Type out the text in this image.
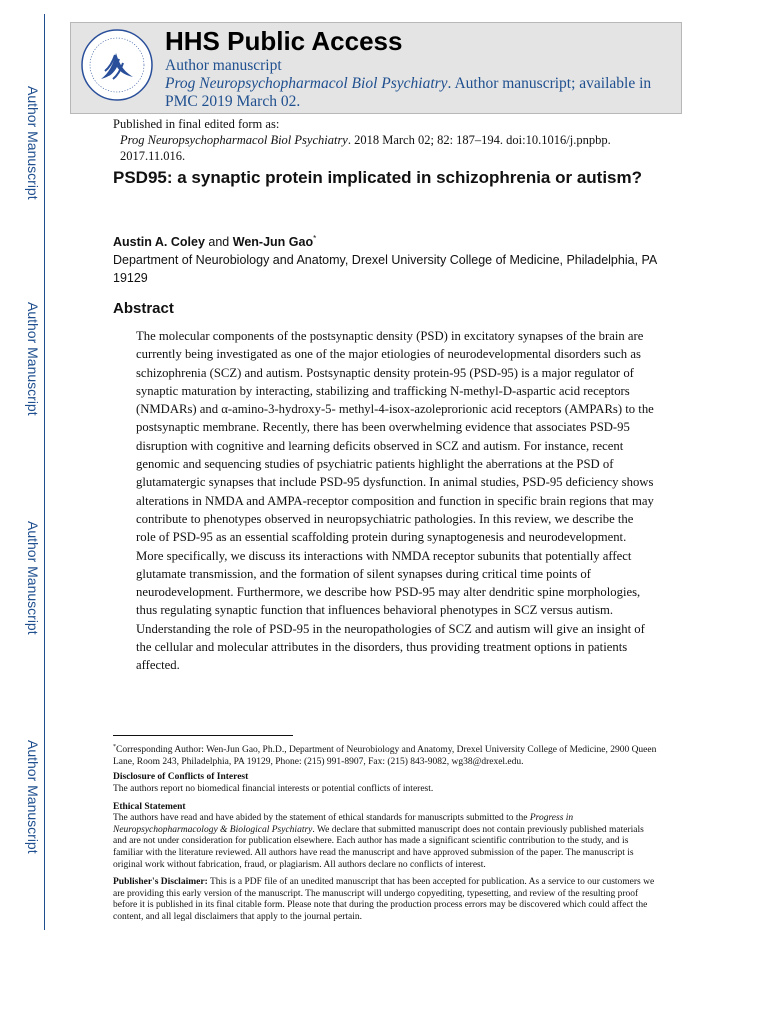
Author Manuscript
Author Manuscript
Author Manuscript
Author Manuscript
HHS Public Access
Author manuscript
Prog Neuropsychopharmacol Biol Psychiatry. Author manuscript; available in PMC 2019 March 02.
Published in final edited form as:
Prog Neuropsychopharmacol Biol Psychiatry. 2018 March 02; 82: 187–194. doi:10.1016/j.pnpbp. 2017.11.016.
PSD95: a synaptic protein implicated in schizophrenia or autism?
Austin A. Coley and Wen-Jun Gao*
Department of Neurobiology and Anatomy, Drexel University College of Medicine, Philadelphia, PA 19129
Abstract
The molecular components of the postsynaptic density (PSD) in excitatory synapses of the brain are currently being investigated as one of the major etiologies of neurodevelopmental disorders such as schizophrenia (SCZ) and autism. Postsynaptic density protein-95 (PSD-95) is a major regulator of synaptic maturation by interacting, stabilizing and trafficking N-methyl-D-aspartic acid receptors (NMDARs) and α-amino-3-hydroxy-5- methyl-4-isox-azoleprorionic acid receptors (AMPARs) to the postsynaptic membrane. Recently, there has been overwhelming evidence that associates PSD-95 disruption with cognitive and learning deficits observed in SCZ and autism. For instance, recent genomic and sequencing studies of psychiatric patients highlight the aberrations at the PSD of glutamatergic synapses that include PSD-95 dysfunction. In animal studies, PSD-95 deficiency shows alterations in NMDA and AMPA-receptor composition and function in specific brain regions that may contribute to phenotypes observed in neuropsychiatric pathologies. In this review, we describe the role of PSD-95 as an essential scaffolding protein during synaptogenesis and neurodevelopment. More specifically, we discuss its interactions with NMDA receptor subunits that potentially affect glutamate transmission, and the formation of silent synapses during critical time points of neurodevelopment. Furthermore, we describe how PSD-95 may alter dendritic spine morphologies, thus regulating synaptic function that influences behavioral phenotypes in SCZ versus autism. Understanding the role of PSD-95 in the neuropathologies of SCZ and autism will give an insight of the cellular and molecular attributes in the disorders, thus providing treatment options in patients affected.

*Corresponding Author: Wen-Jun Gao, Ph.D., Department of Neurobiology and Anatomy, Drexel University College of Medicine, 2900 Queen Lane, Room 243, Philadelphia, PA 19129, Phone: (215) 991-8907, Fax: (215) 843-9082, wg38@drexel.edu.

Disclosure of Conflicts of Interest
The authors report no biomedical financial interests or potential conflicts of interest.

Ethical Statement
The authors have read and have abided by the statement of ethical standards for manuscripts submitted to the Progress in Neuropsychopharmacology & Biological Psychiatry. We declare that submitted manuscript does not contain previously published materials and are not under consideration for publication elsewhere. Each author has made a significant scientific contribution to the study, and is familiar with the literature reviewed. All authors have read the manuscript and have approved submission of the paper. The manuscript is original work without fabrication, fraud, or plagiarism. All authors declare no conflicts of interest.

Publisher's Disclaimer: This is a PDF file of an unedited manuscript that has been accepted for publication. As a service to our customers we are providing this early version of the manuscript. The manuscript will undergo copyediting, typesetting, and review of the resulting proof before it is published in its final citable form. Please note that during the production process errors may be discovered which could affect the content, and all legal disclaimers that apply to the journal pertain.
